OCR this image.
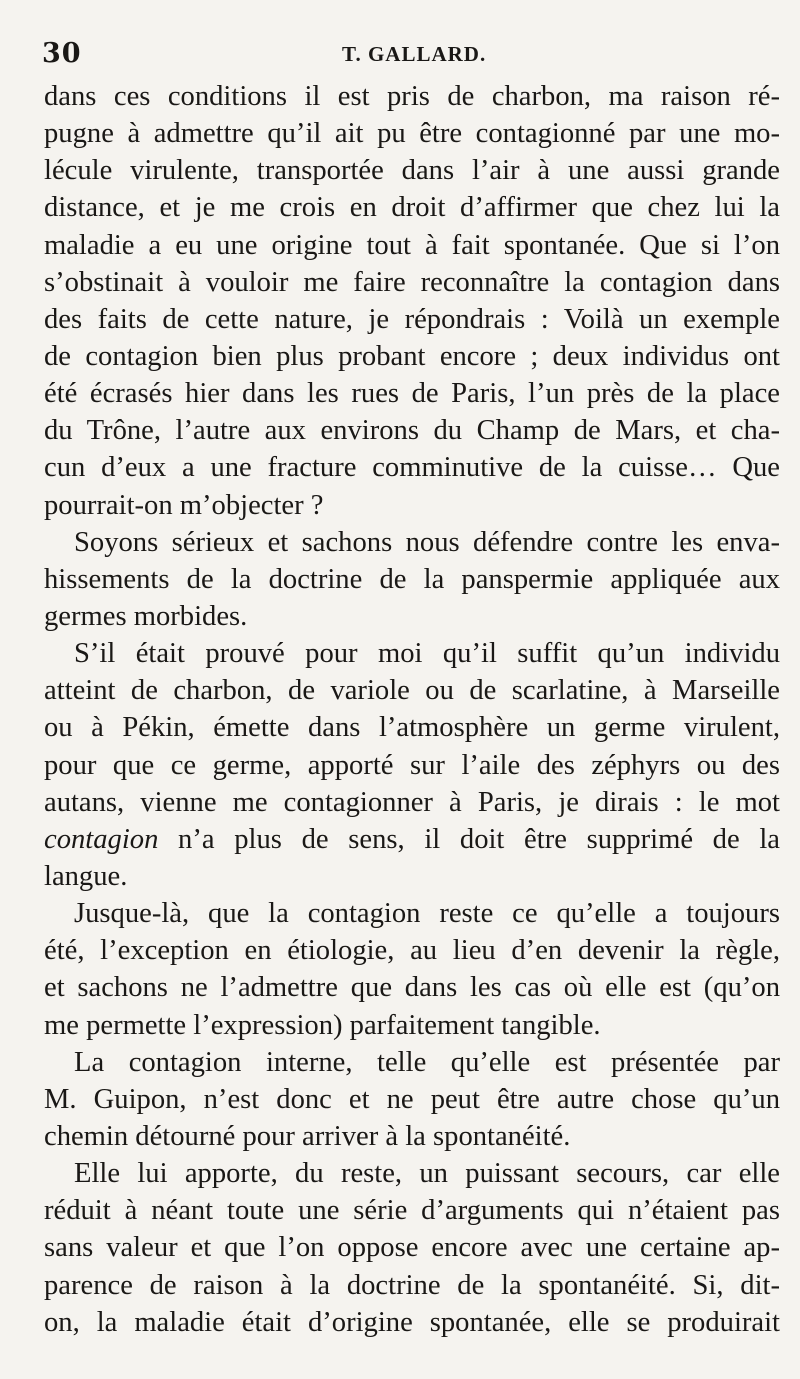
30	T. GALLARD.
dans ces conditions il est pris de charbon, ma raison ré-
pugne à admettre qu’il ait pu être contagionné par une mo-
lécule virulente, transportée dans l’air à une aussi grande
distance, et je me crois en droit d’affirmer que chez lui la
maladie a eu une origine tout à fait spontanée. Que si l’on
s’obstinait à vouloir me faire reconnaître la contagion dans
des faits de cette nature, je répondrais : Voilà un exemple
de contagion bien plus probant encore ; deux individus ont
été écrasés hier dans les rues de Paris, l’un près de la place
du Trône, l’autre aux environs du Champ de Mars, et cha-
cun d’eux a une fracture comminutive de la cuisse… Que
pourrait-on m’objecter ?
Soyons sérieux et sachons nous défendre contre les enva-
hissements de la doctrine de la panspermie appliquée aux
germes morbides.
S’il était prouvé pour moi qu’il suffit qu’un individu
atteint de charbon, de variole ou de scarlatine, à Marseille
ou à Pékin, émette dans l’atmosphère un germe virulent,
pour que ce germe, apporté sur l’aile des zéphyrs ou des
autans, vienne me contagionner à Paris, je dirais : le mot
contagion n’a plus de sens, il doit être supprimé de la
langue.
Jusque-là, que la contagion reste ce qu’elle a toujours
été, l’exception en étiologie, au lieu d’en devenir la règle,
et sachons ne l’admettre que dans les cas où elle est (qu’on
me permette l’expression) parfaitement tangible.
La contagion interne, telle qu’elle est présentée par
M. Guipon, n’est donc et ne peut être autre chose qu’un
chemin détourné pour arriver à la spontanéité.
Elle lui apporte, du reste, un puissant secours, car elle
réduit à néant toute une série d’arguments qui n’étaient pas
sans valeur et que l’on oppose encore avec une certaine ap-
parence de raison à la doctrine de la spontanéité. Si, dit-
on, la maladie était d’origine spontanée, elle se produirait
